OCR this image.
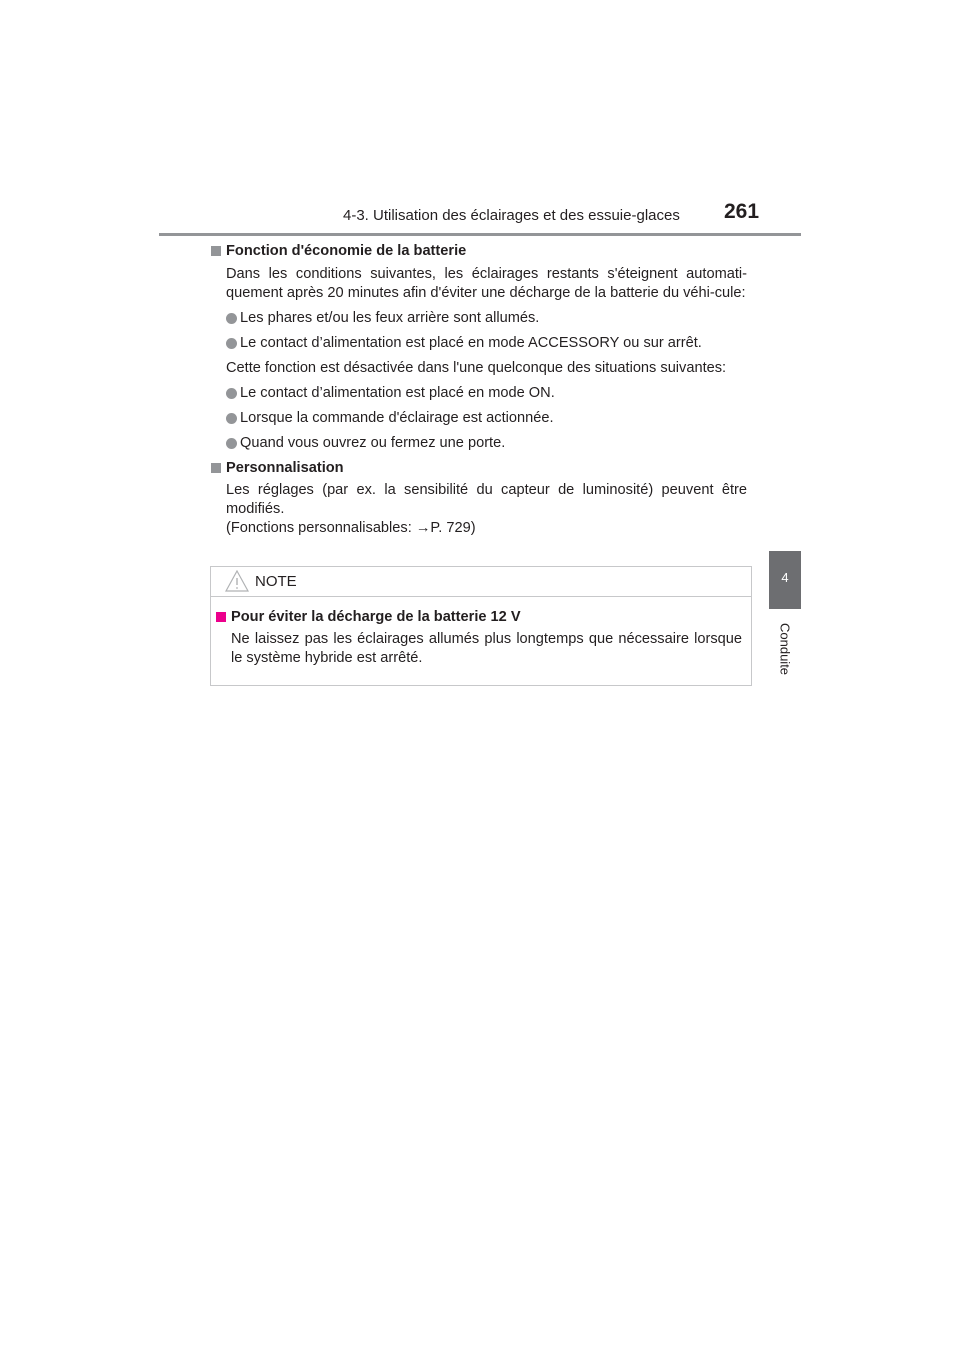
4-3. Utilisation des éclairages et des essuie-glaces 261
4
Conduite
Fonction d'économie de la batterie

Dans les conditions suivantes, les éclairages restants s'éteignent automati-quement après 20 minutes afin d'éviter une décharge de la batterie du véhi-cule:

Les phares et/ou les feux arrière sont allumés.
Le contact d’alimentation est placé en mode ACCESSORY ou sur arrêt.

Cette fonction est désactivée dans l'une quelconque des situations suivantes:

Le contact d’alimentation est placé en mode ON.
Lorsque la commande d'éclairage est actionnée.
Quand vous ouvrez ou fermez une porte.
Personnalisation

Les réglages (par ex. la sensibilité du capteur de luminosité) peuvent être modifiés.

(Fonctions personnalisables: →P. 729)

NOTE
Pour éviter la décharge de la batterie 12 V

Ne laissez pas les éclairages allumés plus longtemps que nécessaire lorsque le système hybride est arrêté.
